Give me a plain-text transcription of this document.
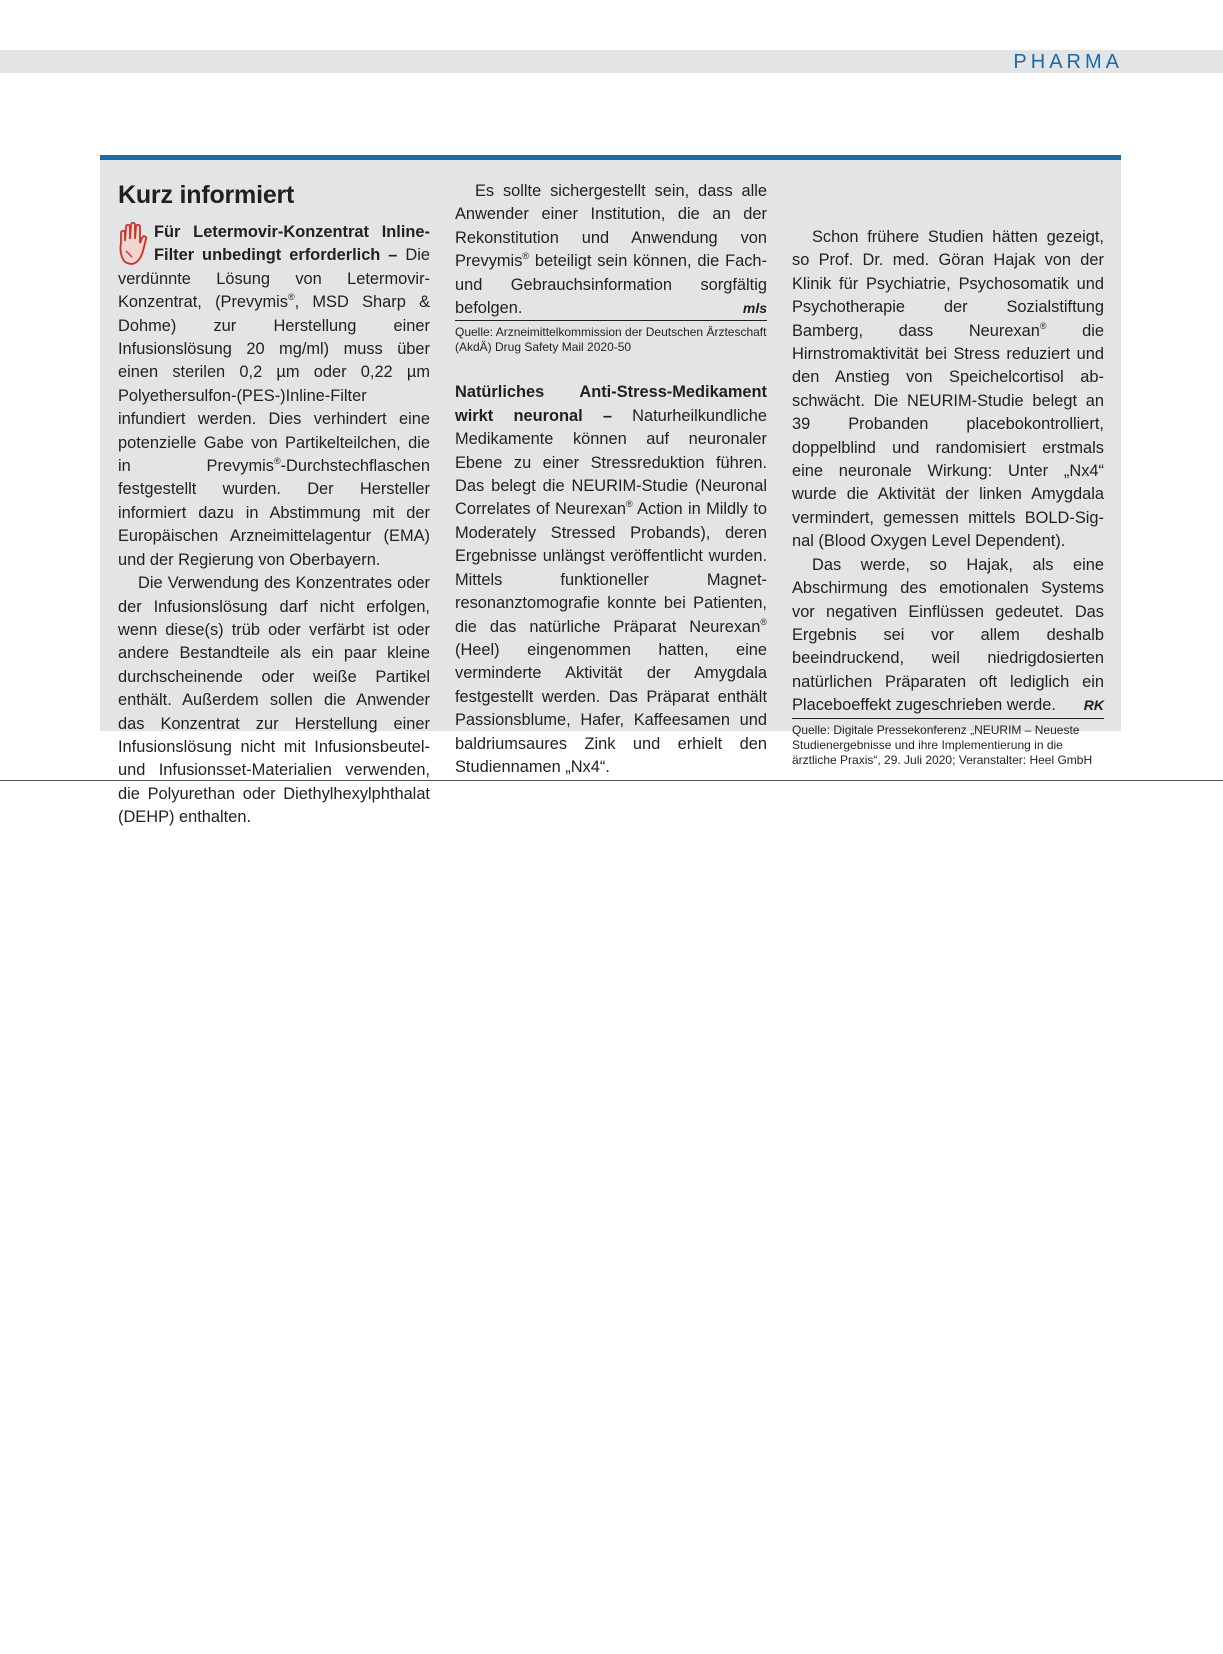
PHARMA
Kurz informiert

Für Letermovir-Konzentrat Inline-Filter unbedingt erforderlich – Die verdünnte Lösung von Letermovir-Konzentrat, (Prevymis®, MSD Sharp & Dohme) zur Herstellung einer Infusionslösung 20 mg/ml) muss über einen sterilen 0,2 µm oder 0,22 µm Polyethersulfon-(PES-)Inline-Filter infundiert werden. Dies verhindert eine potenzielle Gabe von Partikelteilchen, die in Prevymis®-Durchstechflaschen festgestellt wurden. Der Hersteller informiert dazu in Abstimmung mit der Europäischen Arzneimittelagentur (EMA) und der Regierung von Oberbayern.

Die Verwendung des Konzentrates oder der Infusionslösung darf nicht erfolgen, wenn diese(s) trüb oder verfärbt ist oder andere Bestandteile als ein paar kleine durchscheinende oder weiße Partikel enthält. Außerdem sollen die Anwender das Konzentrat zur Herstellung einer Infusionslösung nicht mit Infusionsbeutel- und Infusionsset-Materialien verwenden, die Polyurethan oder Diethylhexylphthalat (DEHP) enthalten.

Es sollte sichergestellt sein, dass alle Anwender einer Institution, die an der Rekonstitution und Anwendung von Prevymis® beteiligt sein können, die Fach- und Gebrauchsinformation sorgfältig befolgen.	mls

Quelle: Arzneimittelkommission der Deutschen Ärzteschaft (AkdÄ) Drug Safety Mail 2020-50

Natürliches Anti-Stress-Medikament wirkt neuronal – Naturheilkundliche Medikamente können auf neuronaler Ebene zu einer Stressreduktion führen. Das belegt die NEURIM-Studie (Neuronal Correlates of Neurexan® Action in Mildly to Moderately Stressed Probands), deren Ergebnisse unlängst veröffentlicht wurden. Mittels funktioneller Magnetresonanztomografie konnte bei Patienten, die das natürliche Präparat Neurexan® (Heel) eingenommen hatten, eine verminderte Aktivität der Amygdala festgestellt werden. Das Präparat enthält Passionsblume, Hafer, Kaffeesamen und baldriumsaures Zink und erhielt den Studiennamen „Nx4“.

Schon frühere Studien hätten gezeigt, so Prof. Dr. med. Göran Hajak von der Klinik für Psychiatrie, Psychosomatik und Psychotherapie der Sozialstiftung Bamberg, dass Neurexan® die Hirnstromaktivität bei Stress reduziert und den Anstieg von Speichelcortisol abschwächt. Die NEURIM-Studie belegt an 39 Probanden placebokontrolliert, doppelblind und randomisiert erstmals eine neuronale Wirkung: Unter „Nx4“ wurde die Aktivität der linken Amygdala vermindert, gemessen mittels BOLD-Signal (Blood Oxygen Level Dependent).

Das werde, so Hajak, als eine Abschirmung des emotionalen Systems vor negativen Einflüssen gedeutet. Das Ergebnis sei vor allem deshalb beeindruckend, weil niedrigdosierten natürlichen Präparaten oft lediglich ein Placeboeffekt zugeschrieben werde.	RK

Quelle: Digitale Pressekonferenz „NEURIM – Neueste Studienergebnisse und ihre Implementierung in die ärztliche Praxis“, 29. Juli 2020; Veranstalter: Heel GmbH
